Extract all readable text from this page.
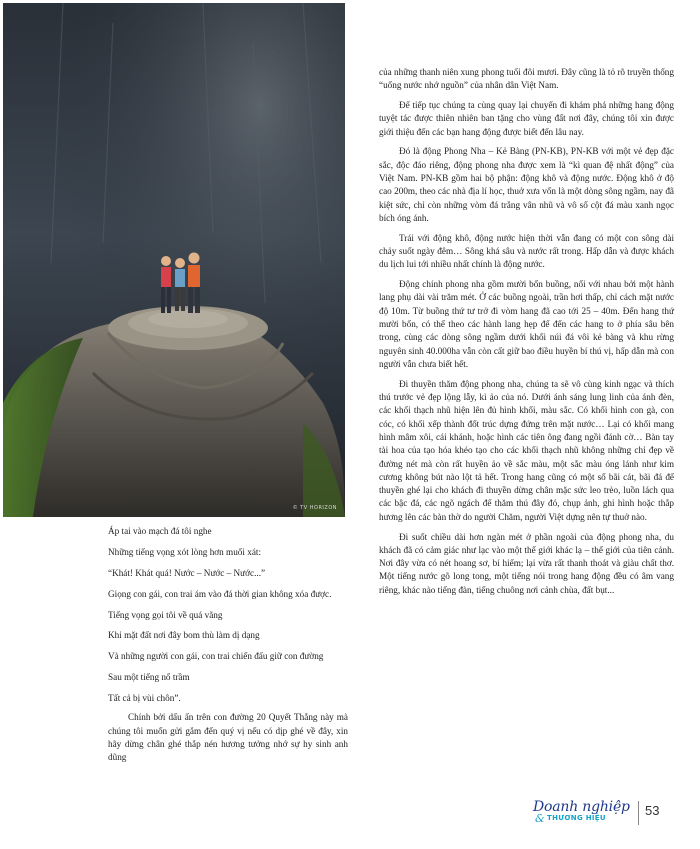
© TV HORIZON

Áp tai vào mạch đá tôi nghe

Những tiếng vọng xót lòng hơn muối xát:

“Khát! Khát quá! Nước – Nước – Nước...”

Giọng con gái, con trai ám vào đá thời gian không xóa được.

Tiếng vọng gọi tôi về quá vãng

Khi mặt đất nơi đây bom thù làm dị dạng

Và những người con gái, con trai chiến đấu giữ con đường

Sau một tiếng nổ trầm

Tất cả bị vùi chôn”.

Chính bởi dấu ấn trên con đường 20 Quyết Thắng này mà chúng tôi muốn gửi gắm đến quý vị nếu có dịp ghé về đây, xin hãy dừng chân ghé thắp nén hương tưởng nhớ sự hy sinh anh dũng

của những thanh niên xung phong tuổi đôi mươi. Đây cũng là tỏ rõ truyền thống “uống nước nhớ nguồn” của nhân dân Việt Nam.

Để tiếp tục chúng ta cùng quay lại chuyến đi khám phá những hang động tuyệt tác được thiên nhiên ban tặng cho vùng đất nơi đây, chúng tôi xin được giới thiệu đến các bạn hang động được biết đến lâu nay.

Đó là động Phong Nha – Kẻ Bàng (PN-KB), PN-KB với một vẻ đẹp đặc sắc, độc đáo riêng, động phong nha được xem là “kì quan đệ nhất động” của Việt Nam. PN-KB gồm hai bộ phận: động khô và động nước. Động khô ở độ cao 200m, theo các nhà địa lí học, thuở xưa vốn là một dòng sông ngầm, nay đã kiệt sức, chỉ còn những vòm đá trắng vân nhũ và vô số cột đá màu xanh ngọc bích óng ánh.

Trái với động khô, động nước hiện thời vẫn đang có một con sông dài chảy suốt ngày đêm… Sông khá sâu và nước rất trong. Hấp dẫn và được khách du lịch lui tới nhiều nhất chính là động nước.

Động chính phong nha gồm mười bốn buồng, nối với nhau bởi một hành lang phụ dài vài trăm mét. Ở các buồng ngoài, trần hơi thấp, chỉ cách mặt nước độ 10m. Từ buồng thứ tư trở đi vòm hang đã cao tới 25 – 40m. Đến hang thứ mười bốn, có thể theo các hành lang hẹp để đến các hang to ở phía sâu bên trong, cùng các dòng sông ngầm dưới khối núi đá vôi kẻ bàng và khu rừng nguyên sinh 40.000ha vẫn còn cất giữ bao điều huyền bí thú vị, hấp dẫn mà con người vẫn chưa biết hết.

Đi thuyền thăm động phong nha, chúng ta sẽ vô cùng kinh ngạc và thích thú trước vẻ đẹp lộng lẫy, kì ảo của nó. Dưới ánh sáng lung linh của ánh đèn, các khối thạch nhũ hiện lên đủ hình khối, màu sắc. Có khối hình con gà, con cóc, có khối xếp thành đốt trúc dựng đứng trên mặt nước… Lại có khối mang hình mâm xôi, cái khánh, hoặc hình các tiên ông đang ngồi đánh cờ… Bàn tay tài hoa của tạo hóa khéo tạo cho các khối thạch nhũ không những chỉ đẹp về đường nét mà còn rất huyền ảo về sắc màu, một sắc màu óng lánh như kim cương không bút nào lột tả hết. Trong hang cũng có một số bãi cát, bãi đá để thuyền ghé lại cho khách đi thuyền dừng chân mặc sức leo trèo, luồn lách qua các bậc đá, các ngõ ngách để thăm thú đây đó, chụp ảnh, ghi hình hoặc thắp hương lên các bàn thờ do người Chăm, người Việt dựng nên tự thuở nào.

Đi suốt chiều dài hơn ngàn mét ở phần ngoài của động phong nha, du khách đã có cảm giác như lạc vào một thế giới khác lạ – thế giới của tiên cảnh. Nơi đây vừa có nét hoang sơ, bí hiểm; lại vừa rất thanh thoát và giàu chất thơ. Một tiếng nước gõ long tong, một tiếng nói trong hang động đều có âm vang riêng, khác nào tiếng đàn, tiếng chuông nơi cảnh chùa, đất bụt...

Doanh nghiệp
& THƯƠNG HIỆU	53
